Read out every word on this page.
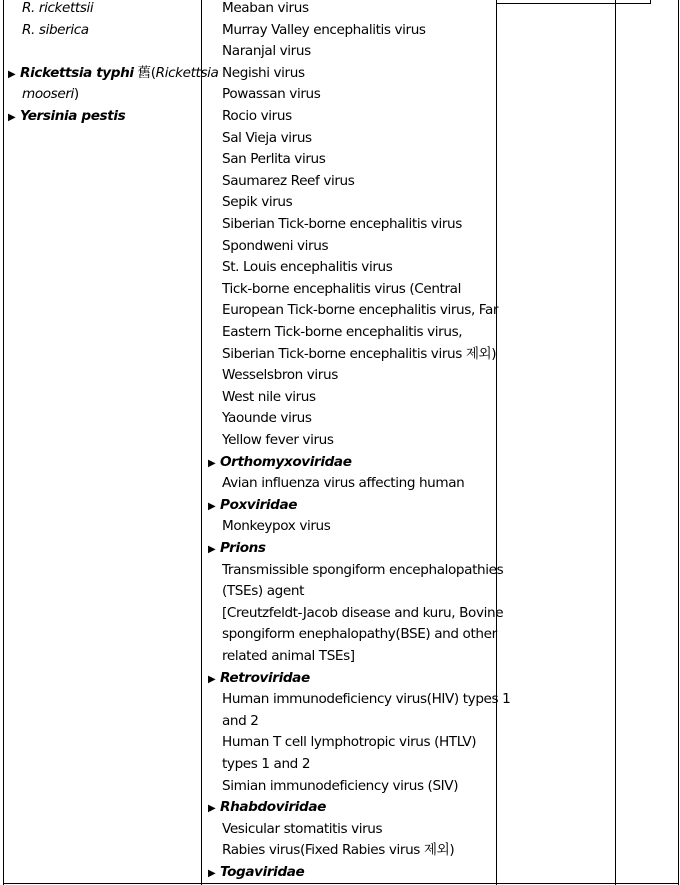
R. rickettsii
R. siberica
▶ Rickettsia typhi 舊(Rickettsia
mooseri)
▶ Yersinia pestis
Meaban virus
Murray Valley encephalitis virus
Naranjal virus
Negishi virus
Powassan virus
Rocio virus
Sal Vieja virus
San Perlita virus
Saumarez Reef virus
Sepik virus
Siberian Tick-borne encephalitis virus
Spondweni virus
St. Louis encephalitis virus
Tick-borne encephalitis virus (Central
European Tick-borne encephalitis virus, Far
Eastern Tick-borne encephalitis virus,
Siberian Tick-borne encephalitis virus 제외)
Wesselsbron virus
West nile virus
Yaounde virus
Yellow fever virus
▶ Orthomyxoviridae
Avian influenza virus affecting human
▶ Poxviridae
Monkeypox virus
▶ Prions
Transmissible spongiform encephalopathies
(TSEs) agent
[Creutzfeldt-Jacob disease and kuru, Bovine
spongiform enephalopathy(BSE) and other
related animal TSEs]
▶ Retroviridae
Human immunodeficiency virus(HIV) types 1
and 2
Human T cell lymphotropic virus (HTLV)
types 1 and 2
Simian immunodeficiency virus (SIV)
▶ Rhabdoviridae
Vesicular stomatitis virus
Rabies virus(Fixed Rabies virus 제외)
▶ Togaviridae
